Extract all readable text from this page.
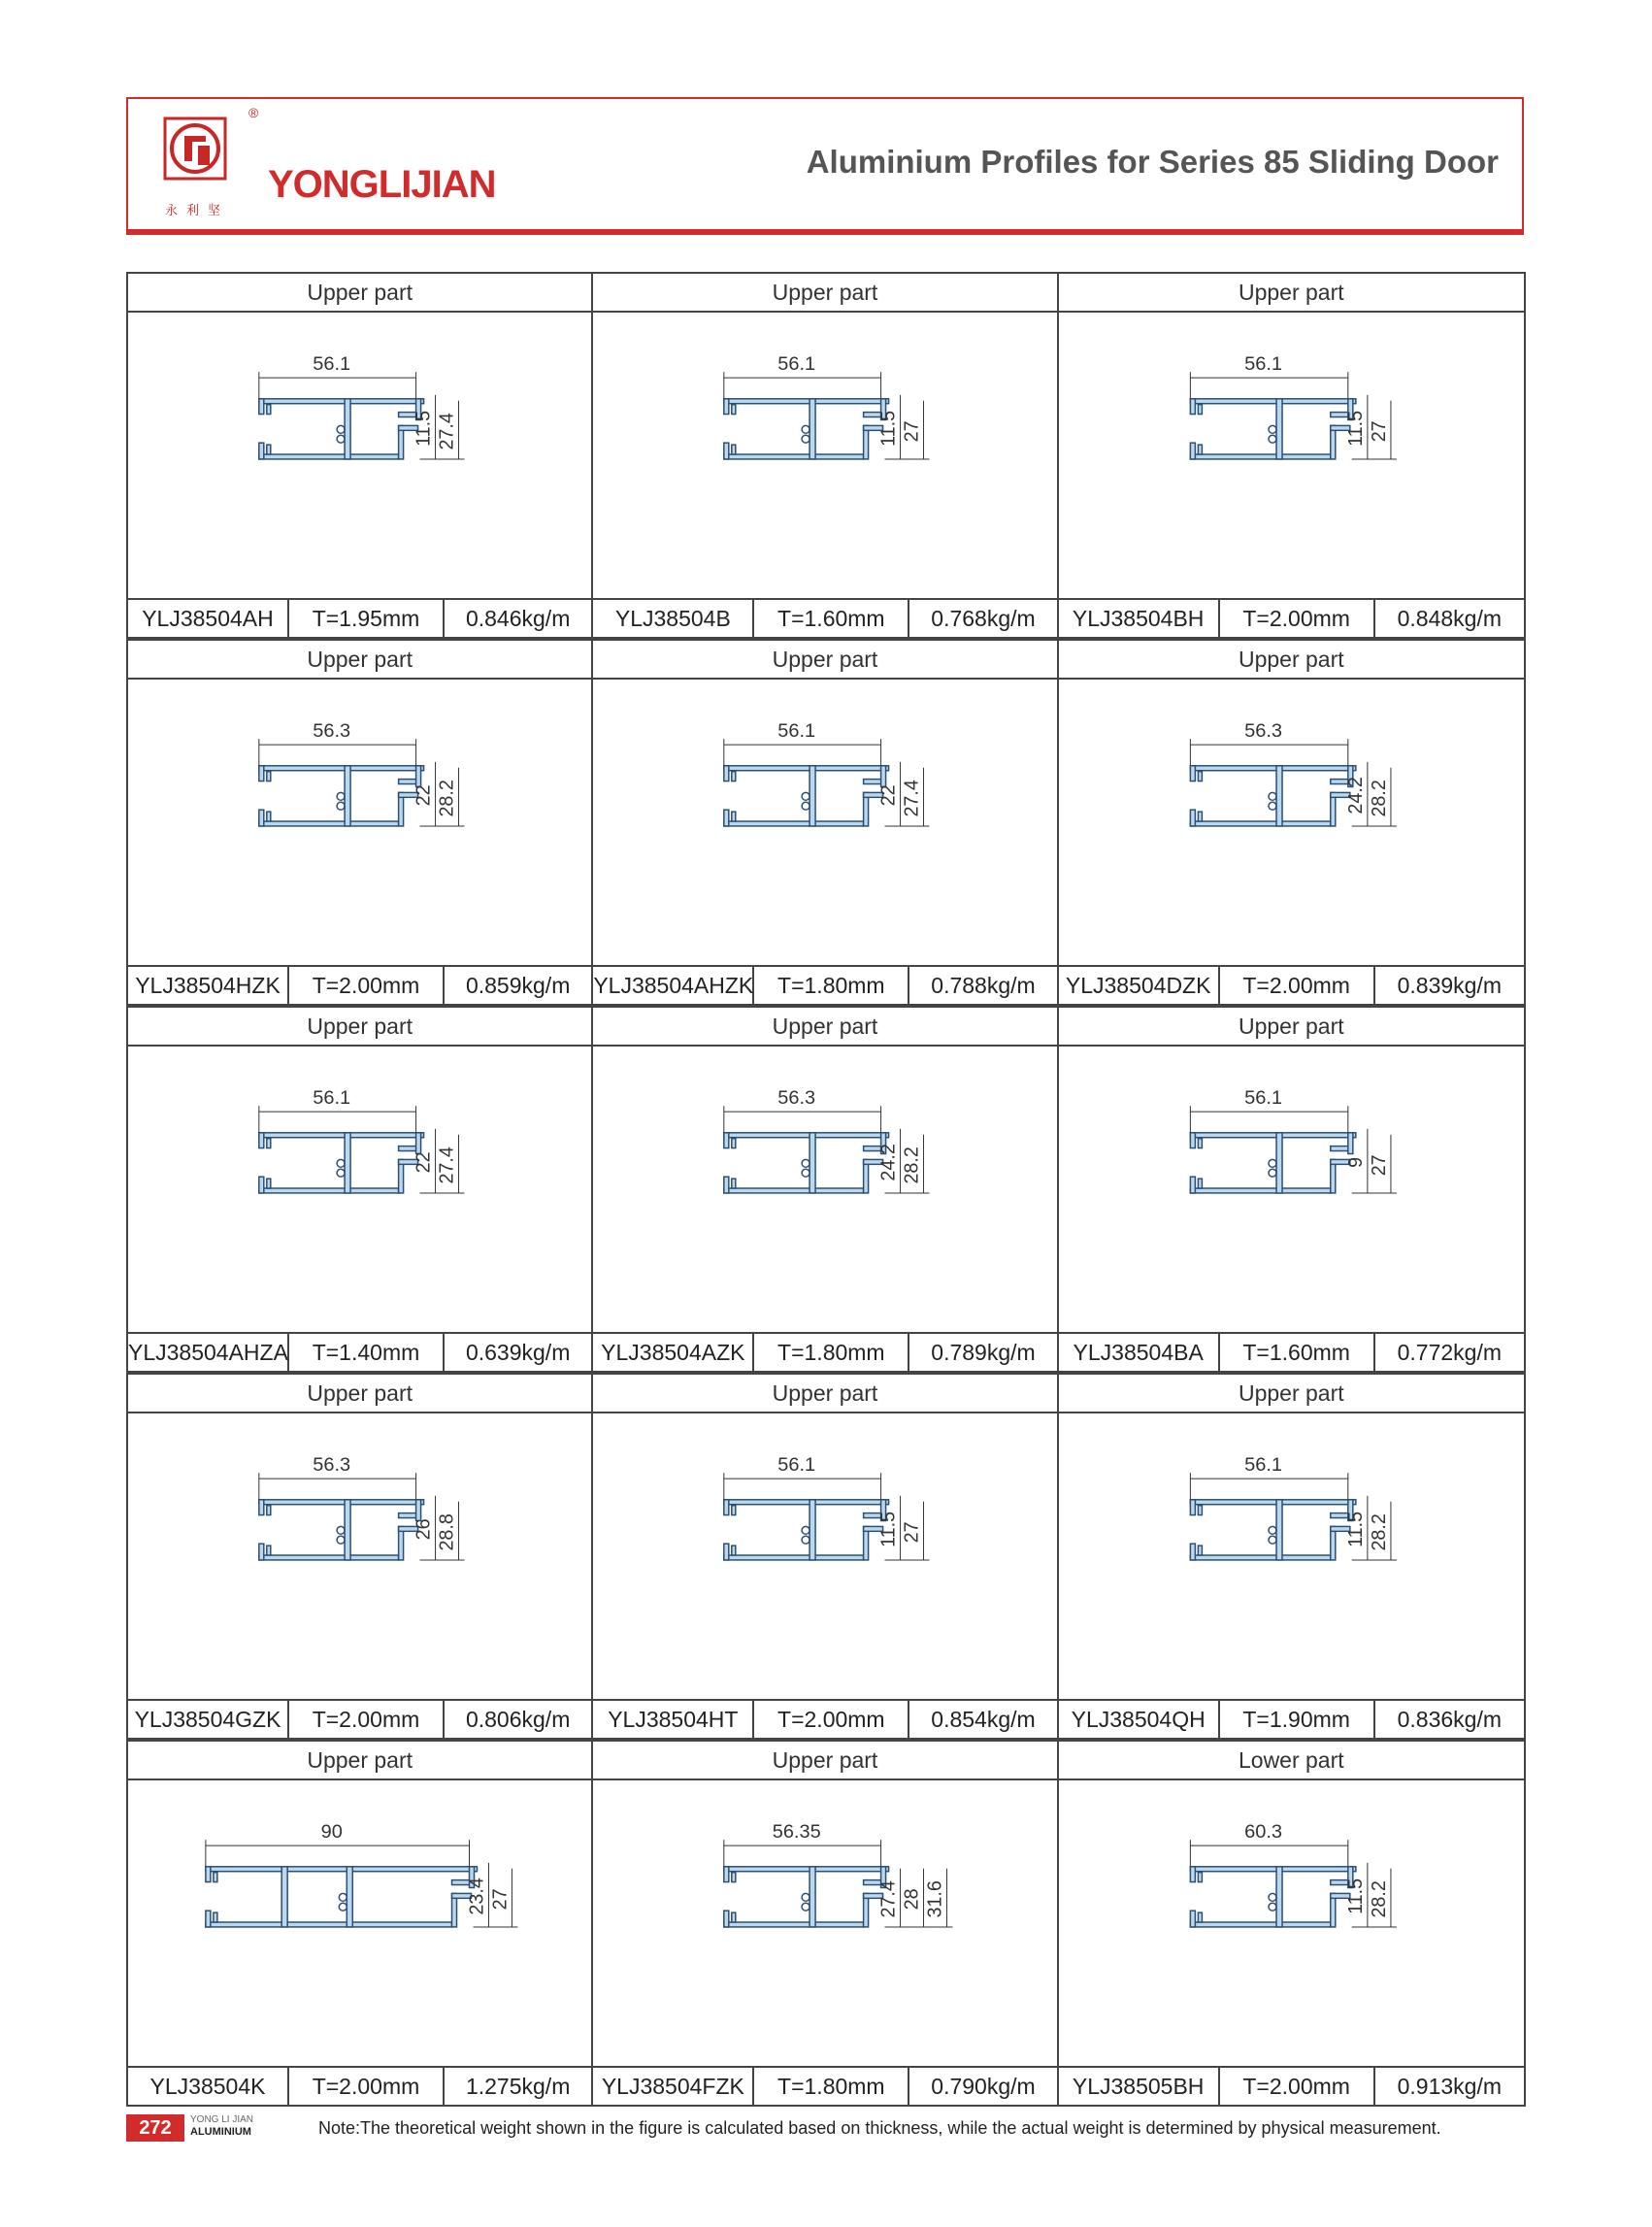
®
永利坚
YONGLIJIAN
Aluminium Profiles for Series 85 Sliding Door
Upper part
56.1
11.5 27.4
YLJ38504AH	T=1.95mm	0.846kg/m
Upper part
56.1
11.5 27
YLJ38504B	T=1.60mm	0.768kg/m
Upper part
56.1
11.5 27
YLJ38504BH	T=2.00mm	0.848kg/m
Upper part
56.3
22 28.2
YLJ38504HZK	T=2.00mm	0.859kg/m
Upper part
56.1
22 27.4
YLJ38504AHZK	T=1.80mm	0.788kg/m
Upper part
56.3
24.2 28.2
YLJ38504DZK	T=2.00mm	0.839kg/m
Upper part
56.1
22 27.4
YLJ38504AHZA	T=1.40mm	0.639kg/m
Upper part
56.3
24.2 28.2
YLJ38504AZK	T=1.80mm	0.789kg/m
Upper part
56.1
9 27
YLJ38504BA	T=1.60mm	0.772kg/m
Upper part
56.3
26 28.8
YLJ38504GZK	T=2.00mm	0.806kg/m
Upper part
56.1
11.5 27
YLJ38504HT	T=2.00mm	0.854kg/m
Upper part
56.1
11.5 28.2
YLJ38504QH	T=1.90mm	0.836kg/m
Upper part
90
23.4 27
YLJ38504K	T=2.00mm	1.275kg/m
Upper part
56.35
27.4 28 31.6
YLJ38504FZK	T=1.80mm	0.790kg/m
Lower part
60.3
11.5 28.2
YLJ38505BH	T=2.00mm	0.913kg/m
272	YONG LI JIAN
ALUMINIUM	Note:The theoretical weight shown in the figure is calculated based on thickness, while the actual weight is determined by physical measurement.
